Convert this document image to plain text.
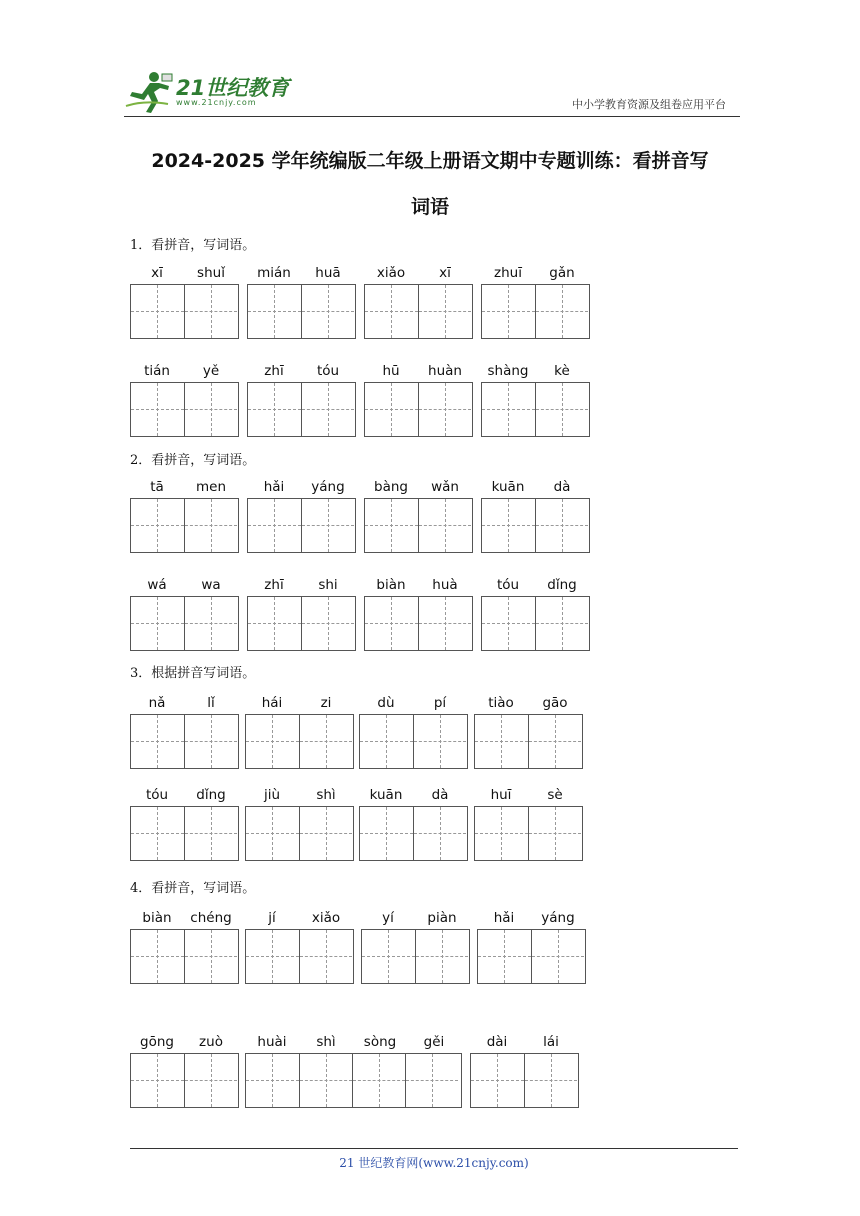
21世纪教育
www.21cnjy.com	中小学教育资源及组卷应用平台
2024-2025 学年统编版二年级上册语文期中专题训练：看拼音写
词语
1．看拼音，写词语。
2．看拼音，写词语。
3．根据拼音写词语。
4．看拼音，写词语。
xī	shuǐ	mián	huā	xiǎo	xī	zhuī	gǎn
tián	yě	zhī	tóu	hū	huàn	shàng	kè
tā	men	hǎi	yáng	bàng	wǎn	kuān	dà
wá	wa	zhī	shi	biàn	huà	tóu	dǐng
nǎ	lǐ	hái	zi	dù	pí	tiào	gāo
tóu	dǐng	jiù	shì	kuān	dà	huī	sè
biàn	chéng	jí	xiǎo	yí	piàn	hǎi	yáng
gōng	zuò	huài	shì	sòng	gěi	dài	lái
21 世纪教育网(www.21cnjy.com)
